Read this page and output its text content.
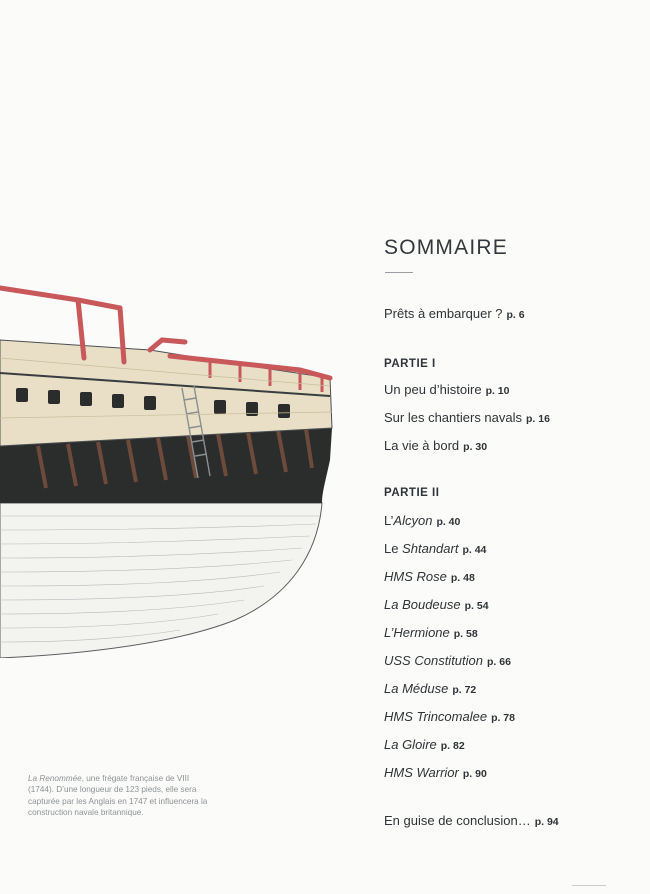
La Renommée, une frégate française de VIII (1744). D’une longueur de 123 pieds, elle sera capturée par les Anglais en 1747 et influencera la construction navale britannique.
SOMMAIRE
Prêts à embarquer ? p. 6
PARTIE I
Un peu d’histoire p. 10
Sur les chantiers navals p. 16
La vie à bord p. 30
PARTIE II
L’Alcyon p. 40
Le Shtandart p. 44
HMS Rose p. 48
La Boudeuse p. 54
L’Hermione p. 58
USS Constitution p. 66
La Méduse p. 72
HMS Trincomalee p. 78
La Gloire p. 82
HMS Warrior p. 90
En guise de conclusion… p. 94
